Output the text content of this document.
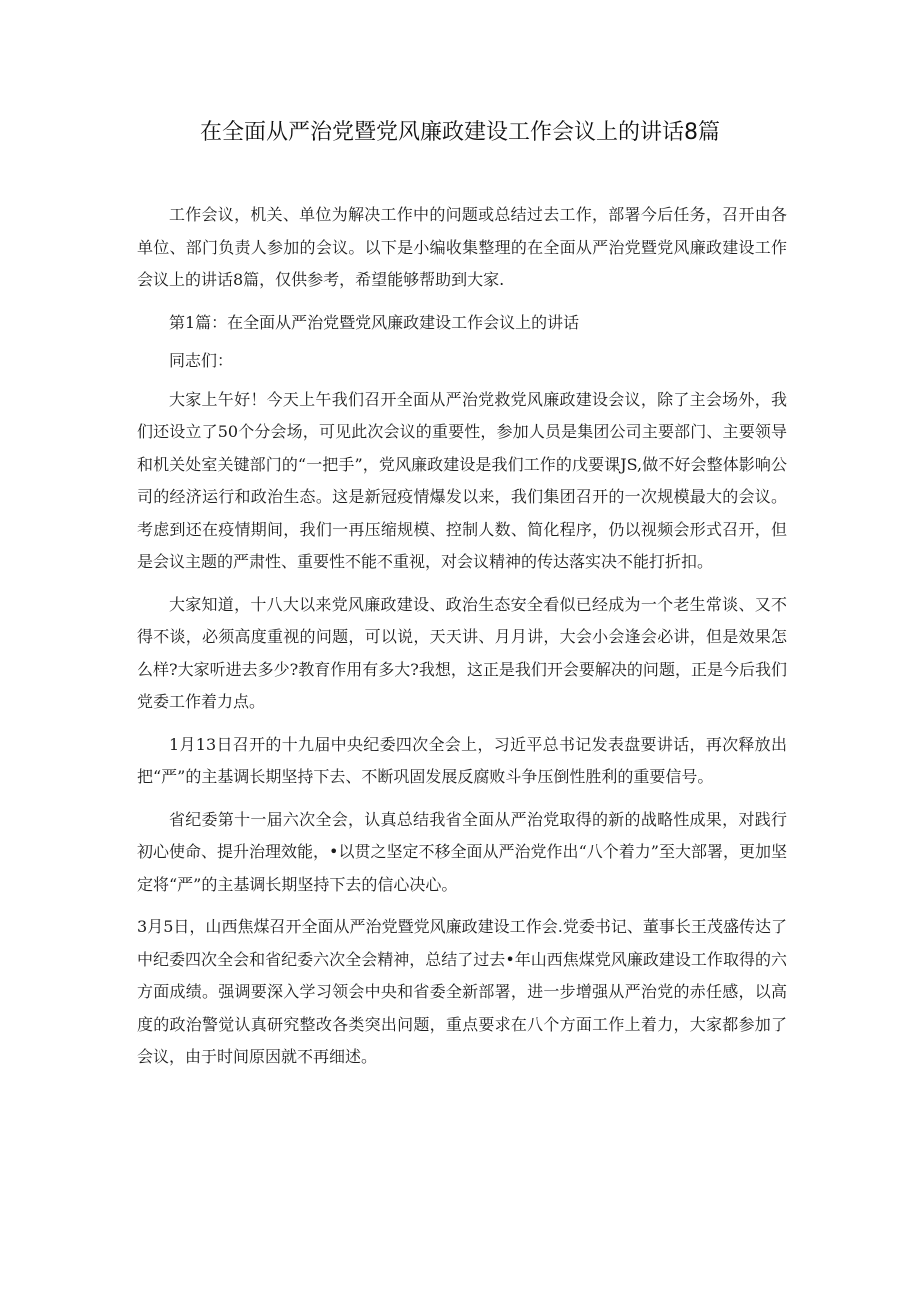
在全面从严治党暨党风廉政建设工作会议上的讲话8篇

工作会议，机关、单位为解决工作中的问题或总结过去工作，部署今后任务，召开由各单位、部门负责人参加的会议。以下是小编收集整理的在全面从严治党暨党风廉政建设工作会议上的讲话8篇，仅供参考，希望能够帮助到大家.

第1篇：在全面从严治党暨党风廉政建设工作会议上的讲话

同志们：

大家上午好！今天上午我们召开全面从严治党救党风廉政建设会议，除了主会场外，我们还设立了50个分会场，可见此次会议的重要性，参加人员是集团公司主要部门、主要领导和机关处室关键部门的“一把手”，党风廉政建设是我们工作的戊要课JS,做不好会整体影响公司的经济运行和政治生态。这是新冠疫情爆发以来，我们集团召开的一次规模最大的会议。考虑到还在疫情期间，我们一再压缩规模、控制人数、简化程序，仍以视频会形式召开，但是会议主题的严肃性、重要性不能不重视，对会议精神的传达落实决不能打折扣。

大家知道，十八大以来党风廉政建设、政治生态安全看似已经成为一个老生常谈、又不得不谈，必须高度重视的问题，可以说，天天讲、月月讲，大会小会逢会必讲，但是效果怎么样?大家听进去多少?教育作用有多大?我想，这正是我们开会要解决的问题，正是今后我们党委工作着力点。

1月13日召开的十九届中央纪委四次全会上，习近平总书记发表盘要讲话，再次释放出把“严”的主基调长期坚持下去、不断巩固发展反腐败斗争压倒性胜利的重要信号。

省纪委第十一届六次全会，认真总结我省全面从严治党取得的新的战略性成果，对践行初心使命、提升治理效能，•以贯之坚定不移全面从严治党作出“八个着力”至大部署，更加坚定将“严”的主基调长期坚持下去的信心决心。

3月5日，山西焦煤召开全面从严治党暨党风廉政建设工作会.党委书记、董事长王茂盛传达了中纪委四次全会和省纪委六次全会精神，总结了过去•年山西焦煤党风廉政建设工作取得的六方面成绩。强调要深入学习领会中央和省委全新部署，进一步增强从严治党的赤任感，以高度的政治警觉认真研究整改各类突出问题，重点要求在八个方面工作上着力，大家都参加了会议，由于时间原因就不再细述。
